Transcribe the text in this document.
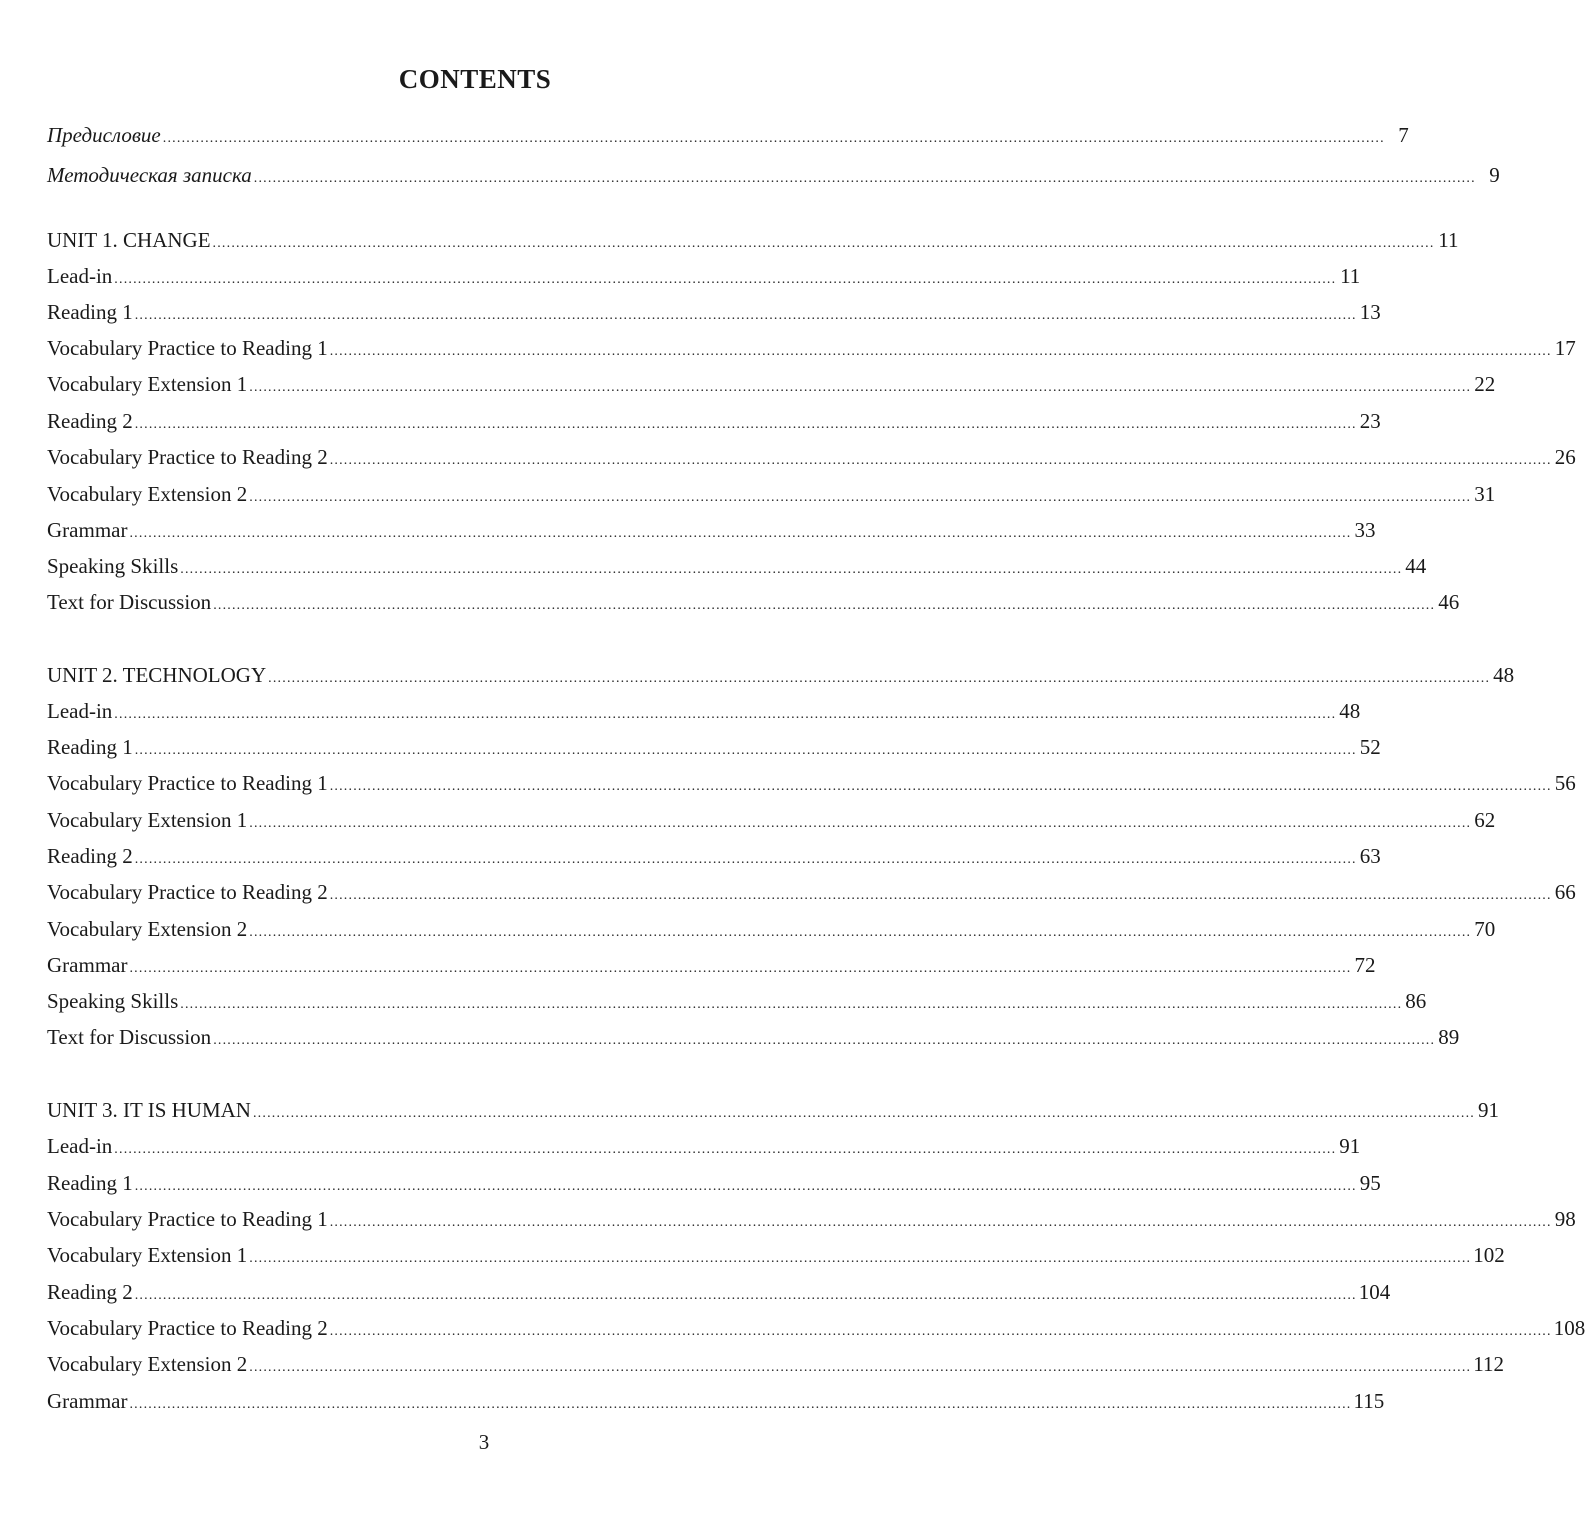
CONTENTS
Предисловие .................................................................................................................................................................................................................................................................... 7
Методическая записка .................................................................................................................................................................................................................................................................... 9
UNIT 1. CHANGE .................................................................................................................................................................................................................................................................... 11
Lead-in .................................................................................................................................................................................................................................................................... 11
Reading 1 .................................................................................................................................................................................................................................................................... 13
Vocabulary Practice to Reading 1 .................................................................................................................................................................................................................................................................... 17
Vocabulary Extension 1 .................................................................................................................................................................................................................................................................... 22
Reading 2 .................................................................................................................................................................................................................................................................... 23
Vocabulary Practice to Reading 2 .................................................................................................................................................................................................................................................................... 26
Vocabulary Extension 2 .................................................................................................................................................................................................................................................................... 31
Grammar .................................................................................................................................................................................................................................................................... 33
Speaking Skills .................................................................................................................................................................................................................................................................... 44
Text for Discussion .................................................................................................................................................................................................................................................................... 46
UNIT 2. TECHNOLOGY .................................................................................................................................................................................................................................................................... 48
Lead-in .................................................................................................................................................................................................................................................................... 48
Reading 1 .................................................................................................................................................................................................................................................................... 52
Vocabulary Practice to Reading 1 .................................................................................................................................................................................................................................................................... 56
Vocabulary Extension 1 .................................................................................................................................................................................................................................................................... 62
Reading 2 .................................................................................................................................................................................................................................................................... 63
Vocabulary Practice to Reading 2 .................................................................................................................................................................................................................................................................... 66
Vocabulary Extension 2 .................................................................................................................................................................................................................................................................... 70
Grammar .................................................................................................................................................................................................................................................................... 72
Speaking Skills .................................................................................................................................................................................................................................................................... 86
Text for Discussion .................................................................................................................................................................................................................................................................... 89
UNIT 3. IT IS HUMAN .................................................................................................................................................................................................................................................................... 91
Lead-in .................................................................................................................................................................................................................................................................... 91
Reading 1 .................................................................................................................................................................................................................................................................... 95
Vocabulary Practice to Reading 1 .................................................................................................................................................................................................................................................................... 98
Vocabulary Extension 1 .................................................................................................................................................................................................................................................................... 102
Reading 2 .................................................................................................................................................................................................................................................................... 104
Vocabulary Practice to Reading 2 .................................................................................................................................................................................................................................................................... 108
Vocabulary Extension 2 .................................................................................................................................................................................................................................................................... 112
Grammar .................................................................................................................................................................................................................................................................... 115
3
